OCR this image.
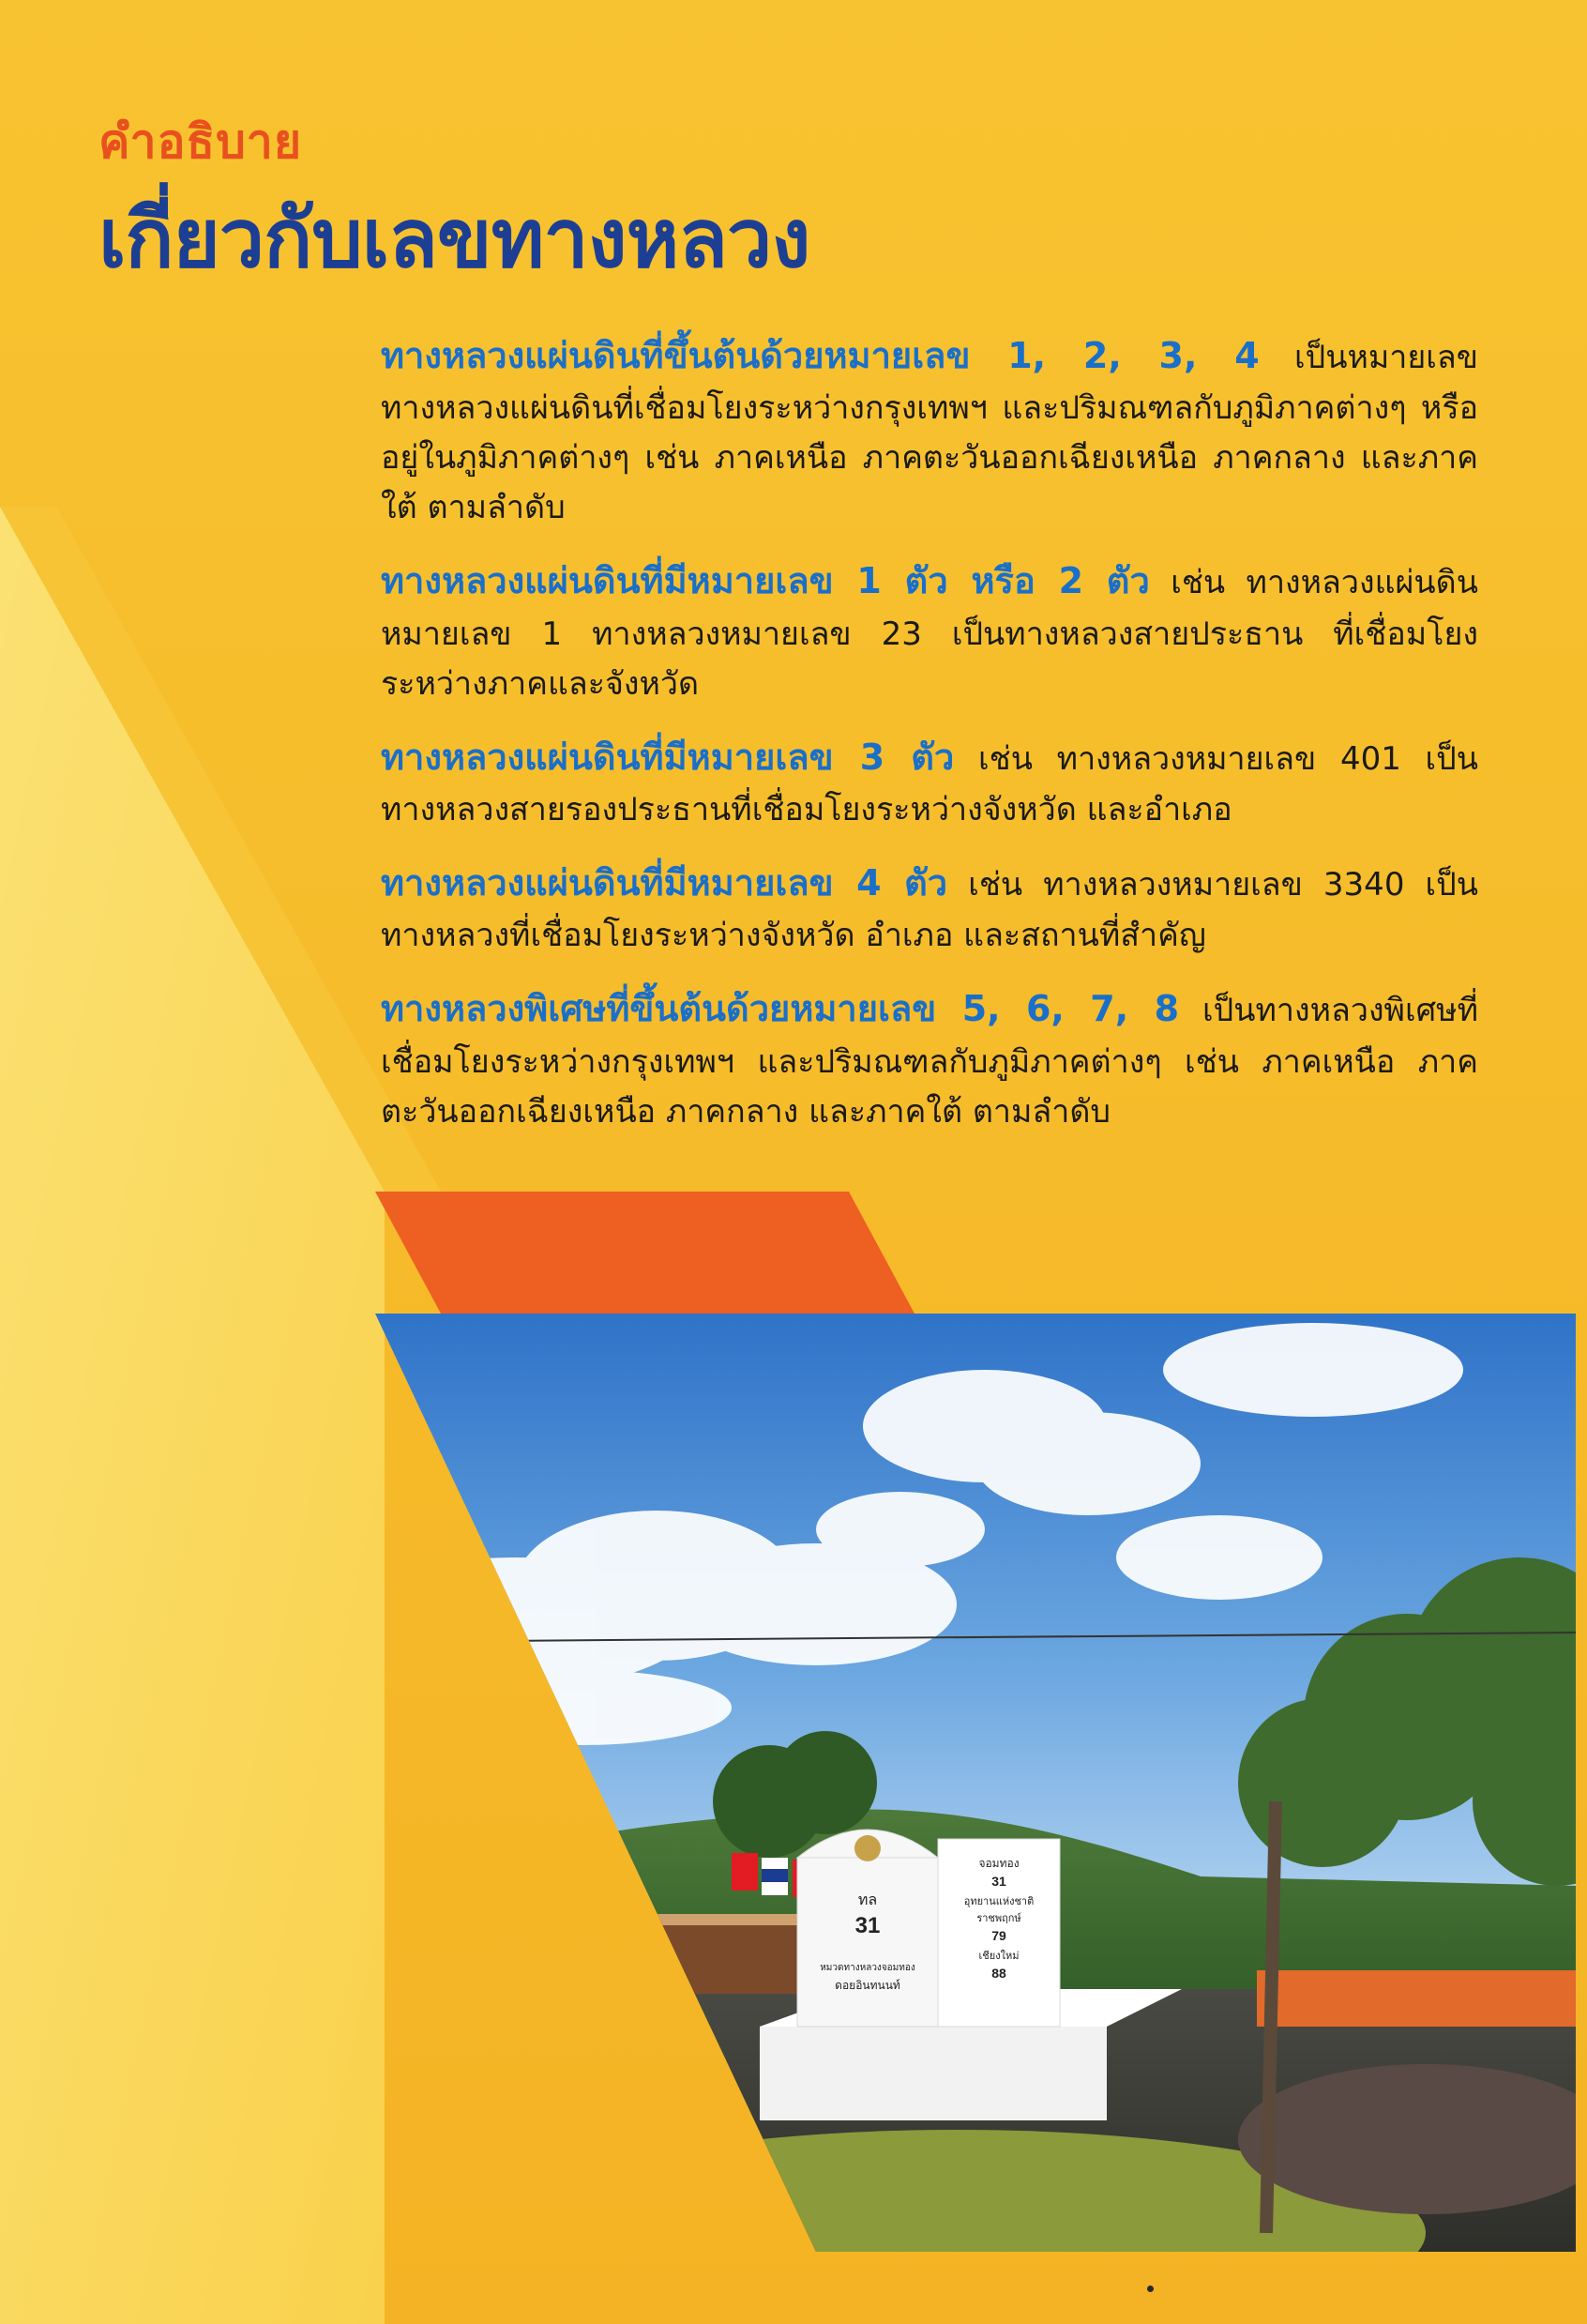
คำอธิบาย
เกี่ยวกับเลขทางหลวง

ทางหลวงแผ่นดินที่ขึ้นต้นด้วยหมายเลข 1, 2, 3, 4 เป็นหมายเลขทางหลวงแผ่นดินที่เชื่อมโยงระหว่างกรุงเทพฯ และปริมณฑลกับภูมิภาคต่างๆ หรืออยู่ในภูมิภาคต่างๆ เช่น ภาคเหนือ ภาคตะวันออกเฉียงเหนือ ภาคกลาง และภาคใต้ ตามลำดับ

ทางหลวงแผ่นดินที่มีหมายเลข 1 ตัว หรือ 2 ตัว เช่น ทางหลวงแผ่นดินหมายเลข 1 ทางหลวงหมายเลข 23 เป็นทางหลวงสายประธาน ที่เชื่อมโยงระหว่างภาคและจังหวัด

ทางหลวงแผ่นดินที่มีหมายเลข 3 ตัว เช่น ทางหลวงหมายเลข 401 เป็นทางหลวงสายรองประธานที่เชื่อมโยงระหว่างจังหวัด และอำเภอ

ทางหลวงแผ่นดินที่มีหมายเลข 4 ตัว เช่น ทางหลวงหมายเลข 3340 เป็นทางหลวงที่เชื่อมโยงระหว่างจังหวัด อำเภอ และสถานที่สำคัญ

ทางหลวงพิเศษที่ขึ้นต้นด้วยหมายเลข 5, 6, 7, 8 เป็นทางหลวงพิเศษที่เชื่อมโยงระหว่างกรุงเทพฯ และปริมณฑลกับภูมิภาคต่างๆ เช่น ภาคเหนือ ภาคตะวันออกเฉียงเหนือ ภาคกลาง และภาคใต้ ตามลำดับ

ทล
31
หมวดทางหลวงจอมทอง
ดอยอินทนนท์
จอมทอง
31
อุทยานแห่งชาติ
ราชพฤกษ์
79
เชียงใหม่
88
